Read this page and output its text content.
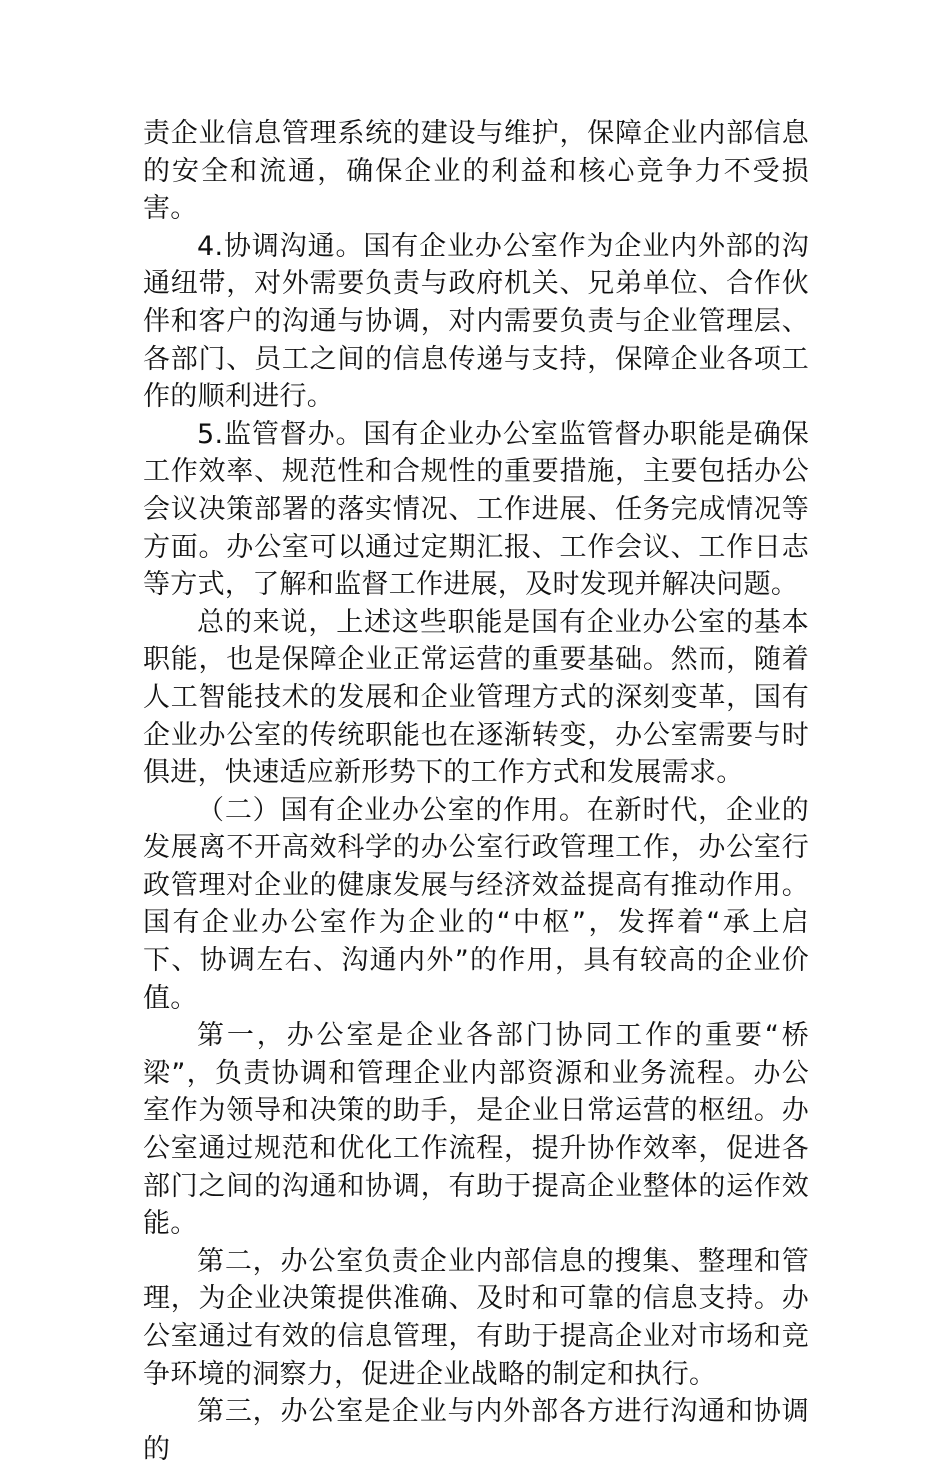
责企业信息管理系统的建设与维护，保障企业内部信息的安全和流通，确保企业的利益和核心竞争力不受损害。

4.协调沟通。国有企业办公室作为企业内外部的沟通纽带，对外需要负责与政府机关、兄弟单位、合作伙伴和客户的沟通与协调，对内需要负责与企业管理层、各部门、员工之间的信息传递与支持，保障企业各项工作的顺利进行。

5.监管督办。国有企业办公室监管督办职能是确保工作效率、规范性和合规性的重要措施，主要包括办公会议决策部署的落实情况、工作进展、任务完成情况等方面。办公室可以通过定期汇报、工作会议、工作日志等方式，了解和监督工作进展，及时发现并解决问题。

总的来说，上述这些职能是国有企业办公室的基本职能，也是保障企业正常运营的重要基础。然而，随着人工智能技术的发展和企业管理方式的深刻变革，国有企业办公室的传统职能也在逐渐转变，办公室需要与时俱进，快速适应新形势下的工作方式和发展需求。

（二）国有企业办公室的作用。在新时代，企业的发展离不开高效科学的办公室行政管理工作，办公室行政管理对企业的健康发展与经济效益提高有推动作用。国有企业办公室作为企业的“中枢”，发挥着“承上启下、协调左右、沟通内外”的作用，具有较高的企业价值。

第一，办公室是企业各部门协同工作的重要“桥梁”，负责协调和管理企业内部资源和业务流程。办公室作为领导和决策的助手，是企业日常运营的枢纽。办公室通过规范和优化工作流程，提升协作效率，促进各部门之间的沟通和协调，有助于提高企业整体的运作效能。

第二，办公室负责企业内部信息的搜集、整理和管理，为企业决策提供准确、及时和可靠的信息支持。办公室通过有效的信息管理，有助于提高企业对市场和竞争环境的洞察力，促进企业战略的制定和执行。

第三，办公室是企业与内外部各方进行沟通和协调的
